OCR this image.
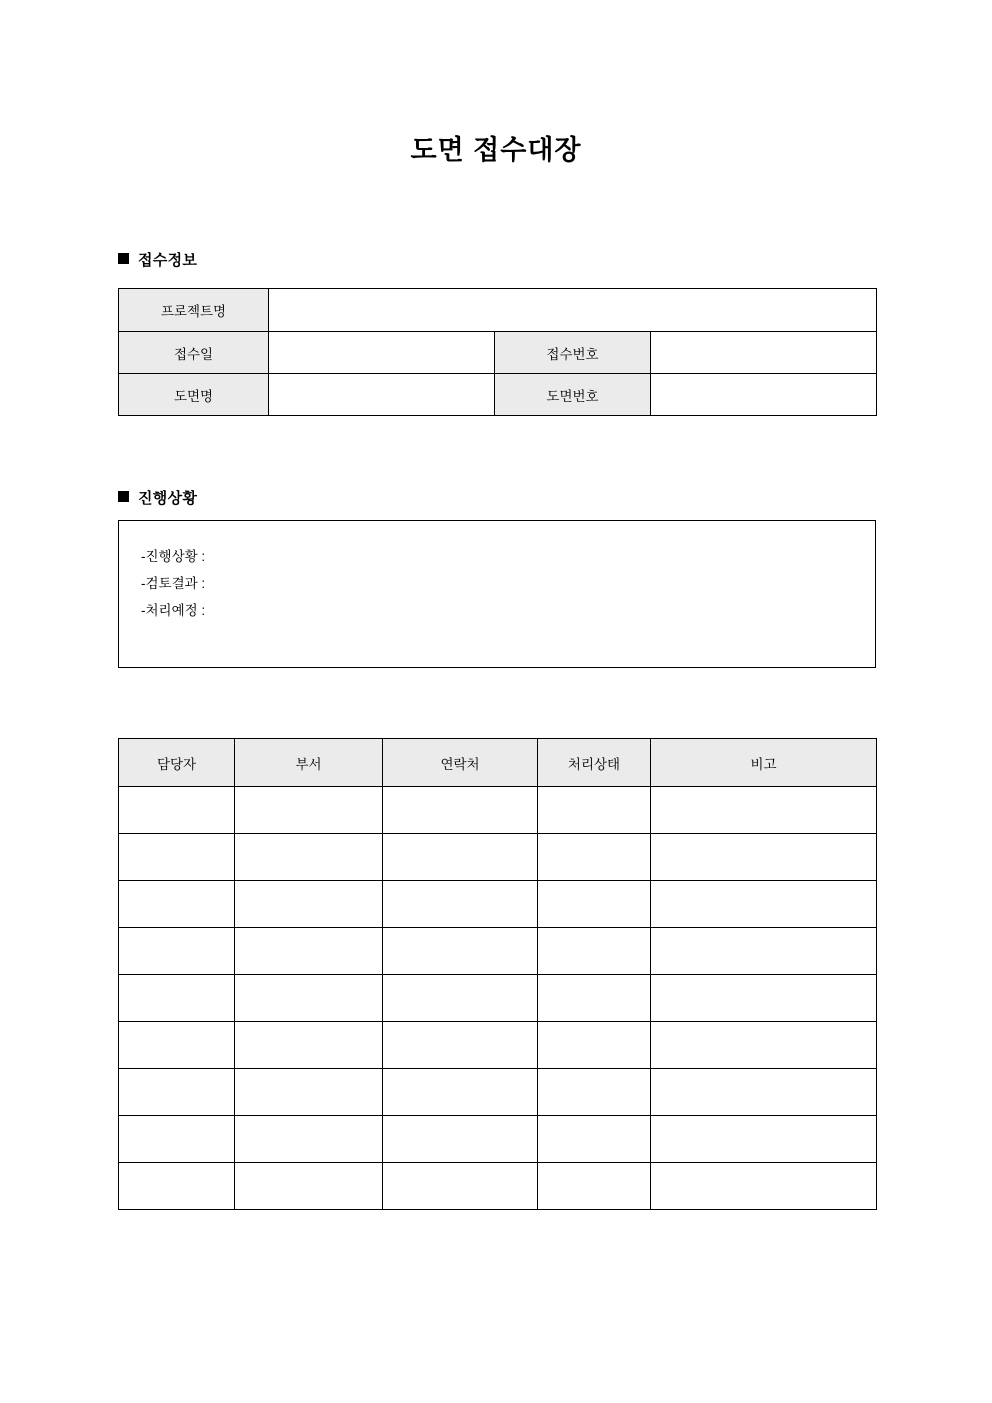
도면 접수대장
접수정보
프로젝트명			
접수일		접수번호	
도면명		도면번호	
진행상황
-진행상황 :
-검토결과 :
-처리예정 :
담당자	부서	연락처	처리상태	비고
